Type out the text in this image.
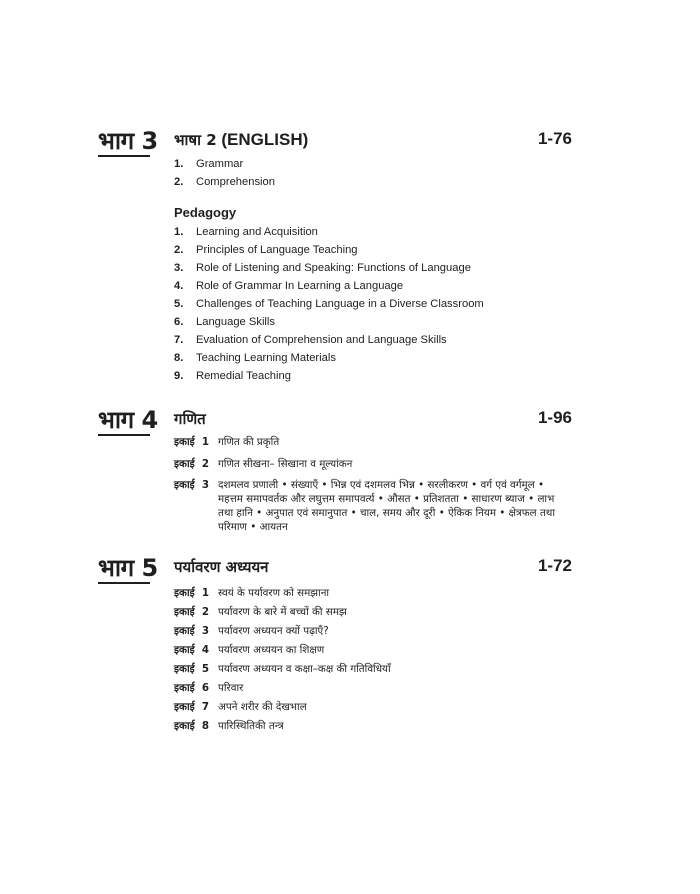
भाग 3 भाषा 2 (ENGLISH)	1-76
1. Grammar
2. Comprehension
Pedagogy
1. Learning and Acquisition
2. Principles of Language Teaching
3. Role of Listening and Speaking: Functions of Language
4. Role of Grammar In Learning a Language
5. Challenges of Teaching Language in a Diverse Classroom
6. Language Skills
7. Evaluation of Comprehension and Language Skills
8. Teaching Learning Materials
9. Remedial Teaching
भाग 4 गणित	1-96
इकाई 1 गणित की प्रकृति
इकाई 2 गणित सीखना– सिखाना व मूल्यांकन
इकाई 3 दशमलव प्रणाली • संख्याएँ • भिन्न एवं दशमलव भिन्न • सरलीकरण • वर्ग एवं वर्गमूल • महत्तम समापवर्तक और लघुत्तम समापवर्त्य • औसत • प्रतिशतता • साधारण ब्याज • लाभ तथा हानि • अनुपात एवं समानुपात • चाल, समय और दूरी • ऐकिक नियम • क्षेत्रफल तथा परिमाण • आयतन
भाग 5 पर्यावरण अध्ययन	1-72
इकाई 1 स्वयं के पर्यावरण को समझाना
इकाई 2 पर्यावरण के बारे में बच्चों की समझ
इकाई 3 पर्यावरण अध्ययन क्यों पढ़ाएँ?
इकाई 4 पर्यावरण अध्ययन का शिक्षण
इकाई 5 पर्यावरण अध्ययन व कक्षा–कक्ष की गतिविधियाँ
इकाई 6 परिवार
इकाई 7 अपने शरीर की देखभाल
इकाई 8 पारिस्थितिकी तन्त्र
